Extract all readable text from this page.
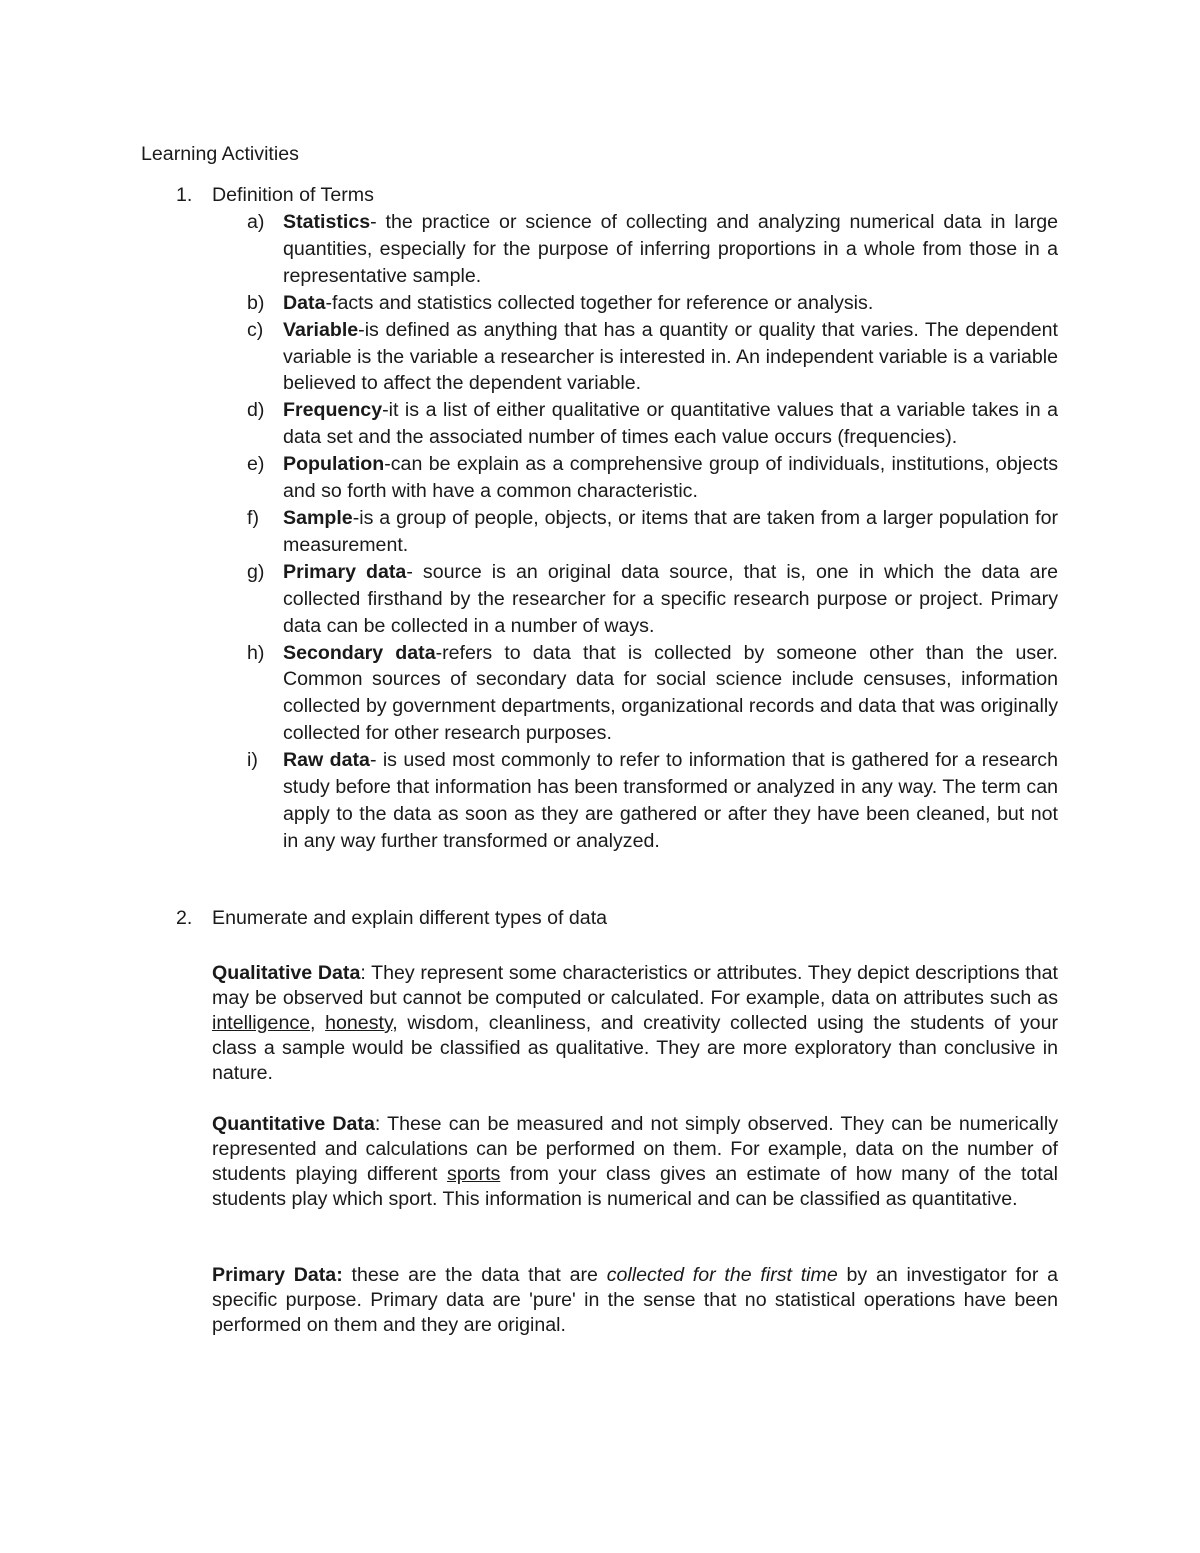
Learning Activities
1. Definition of Terms
a) Statistics- the practice or science of collecting and analyzing numerical data in large quantities, especially for the purpose of inferring proportions in a whole from those in a representative sample.
b) Data-facts and statistics collected together for reference or analysis.
c) Variable-is defined as anything that has a quantity or quality that varies. The dependent variable is the variable a researcher is interested in. An independent variable is a variable believed to affect the dependent variable.
d) Frequency-it is a list of either qualitative or quantitative values that a variable takes in a data set and the associated number of times each value occurs (frequencies).
e) Population-can be explain as a comprehensive group of individuals, institutions, objects and so forth with have a common characteristic.
f) Sample-is a group of people, objects, or items that are taken from a larger population for measurement.
g) Primary data- source is an original data source, that is, one in which the data are collected firsthand by the researcher for a specific research purpose or project. Primary data can be collected in a number of ways.
h) Secondary data-refers to data that is collected by someone other than the user. Common sources of secondary data for social science include censuses, information collected by government departments, organizational records and data that was originally collected for other research purposes.
i) Raw data- is used most commonly to refer to information that is gathered for a research study before that information has been transformed or analyzed in any way. The term can apply to the data as soon as they are gathered or after they have been cleaned, but not in any way further transformed or analyzed.
2. Enumerate and explain different types of data
Qualitative Data: They represent some characteristics or attributes. They depict descriptions that may be observed but cannot be computed or calculated. For example, data on attributes such as intelligence, honesty, wisdom, cleanliness, and creativity collected using the students of your class a sample would be classified as qualitative. They are more exploratory than conclusive in nature.
Quantitative Data: These can be measured and not simply observed. They can be numerically represented and calculations can be performed on them. For example, data on the number of students playing different sports from your class gives an estimate of how many of the total students play which sport. This information is numerical and can be classified as quantitative.
Primary Data: these are the data that are collected for the first time by an investigator for a specific purpose. Primary data are 'pure' in the sense that no statistical operations have been performed on them and they are original.
